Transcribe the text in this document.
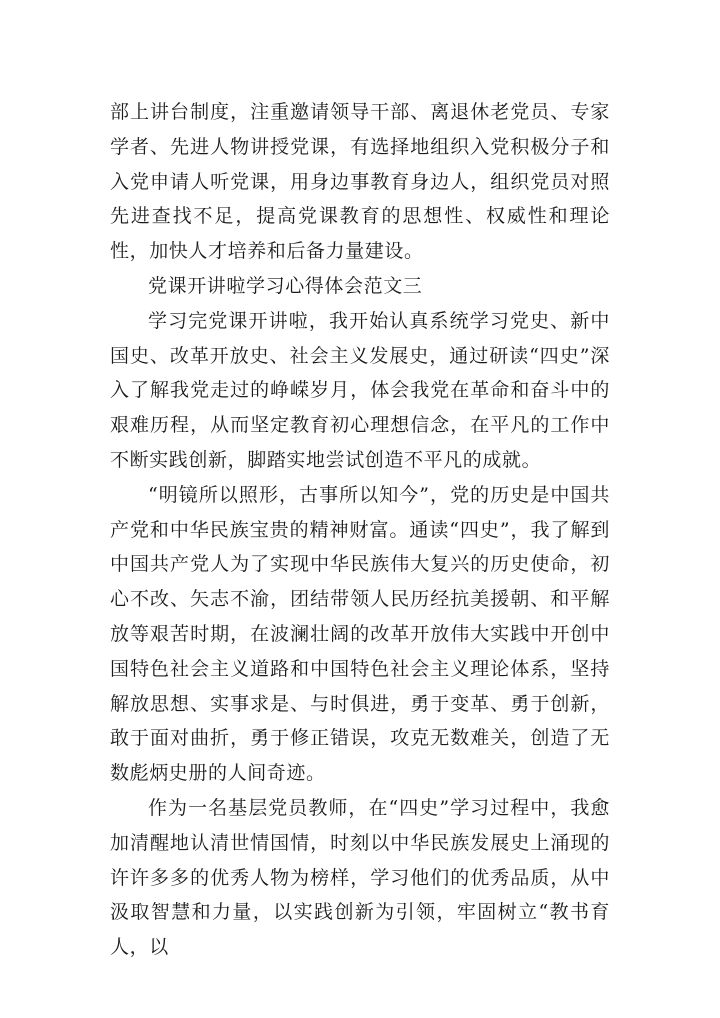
部上讲台制度，注重邀请领导干部、离退休老党员、专家学者、先进人物讲授党课，有选择地组织入党积极分子和入党申请人听党课，用身边事教育身边人，组织党员对照先进查找不足，提高党课教育的思想性、权威性和理论性，加快人才培养和后备力量建设。

党课开讲啦学习心得体会范文三

学习完党课开讲啦，我开始认真系统学习党史、新中国史、改革开放史、社会主义发展史，通过研读“四史”深入了解我党走过的峥嵘岁月，体会我党在革命和奋斗中的艰难历程，从而坚定教育初心理想信念，在平凡的工作中不断实践创新，脚踏实地尝试创造不平凡的成就。

“明镜所以照形，古事所以知今”，党的历史是中国共产党和中华民族宝贵的精神财富。通读“四史”，我了解到中国共产党人为了实现中华民族伟大复兴的历史使命，初心不改、矢志不渝，团结带领人民历经抗美援朝、和平解放等艰苦时期，在波澜壮阔的改革开放伟大实践中开创中国特色社会主义道路和中国特色社会主义理论体系，坚持解放思想、实事求是、与时俱进，勇于变革、勇于创新，敢于面对曲折，勇于修正错误，攻克无数难关，创造了无数彪炳史册的人间奇迹。

作为一名基层党员教师，在“四史”学习过程中，我愈加清醒地认清世情国情，时刻以中华民族发展史上涌现的许许多多的优秀人物为榜样，学习他们的优秀品质，从中汲取智慧和力量，以实践创新为引领，牢固树立“教书育人，以
